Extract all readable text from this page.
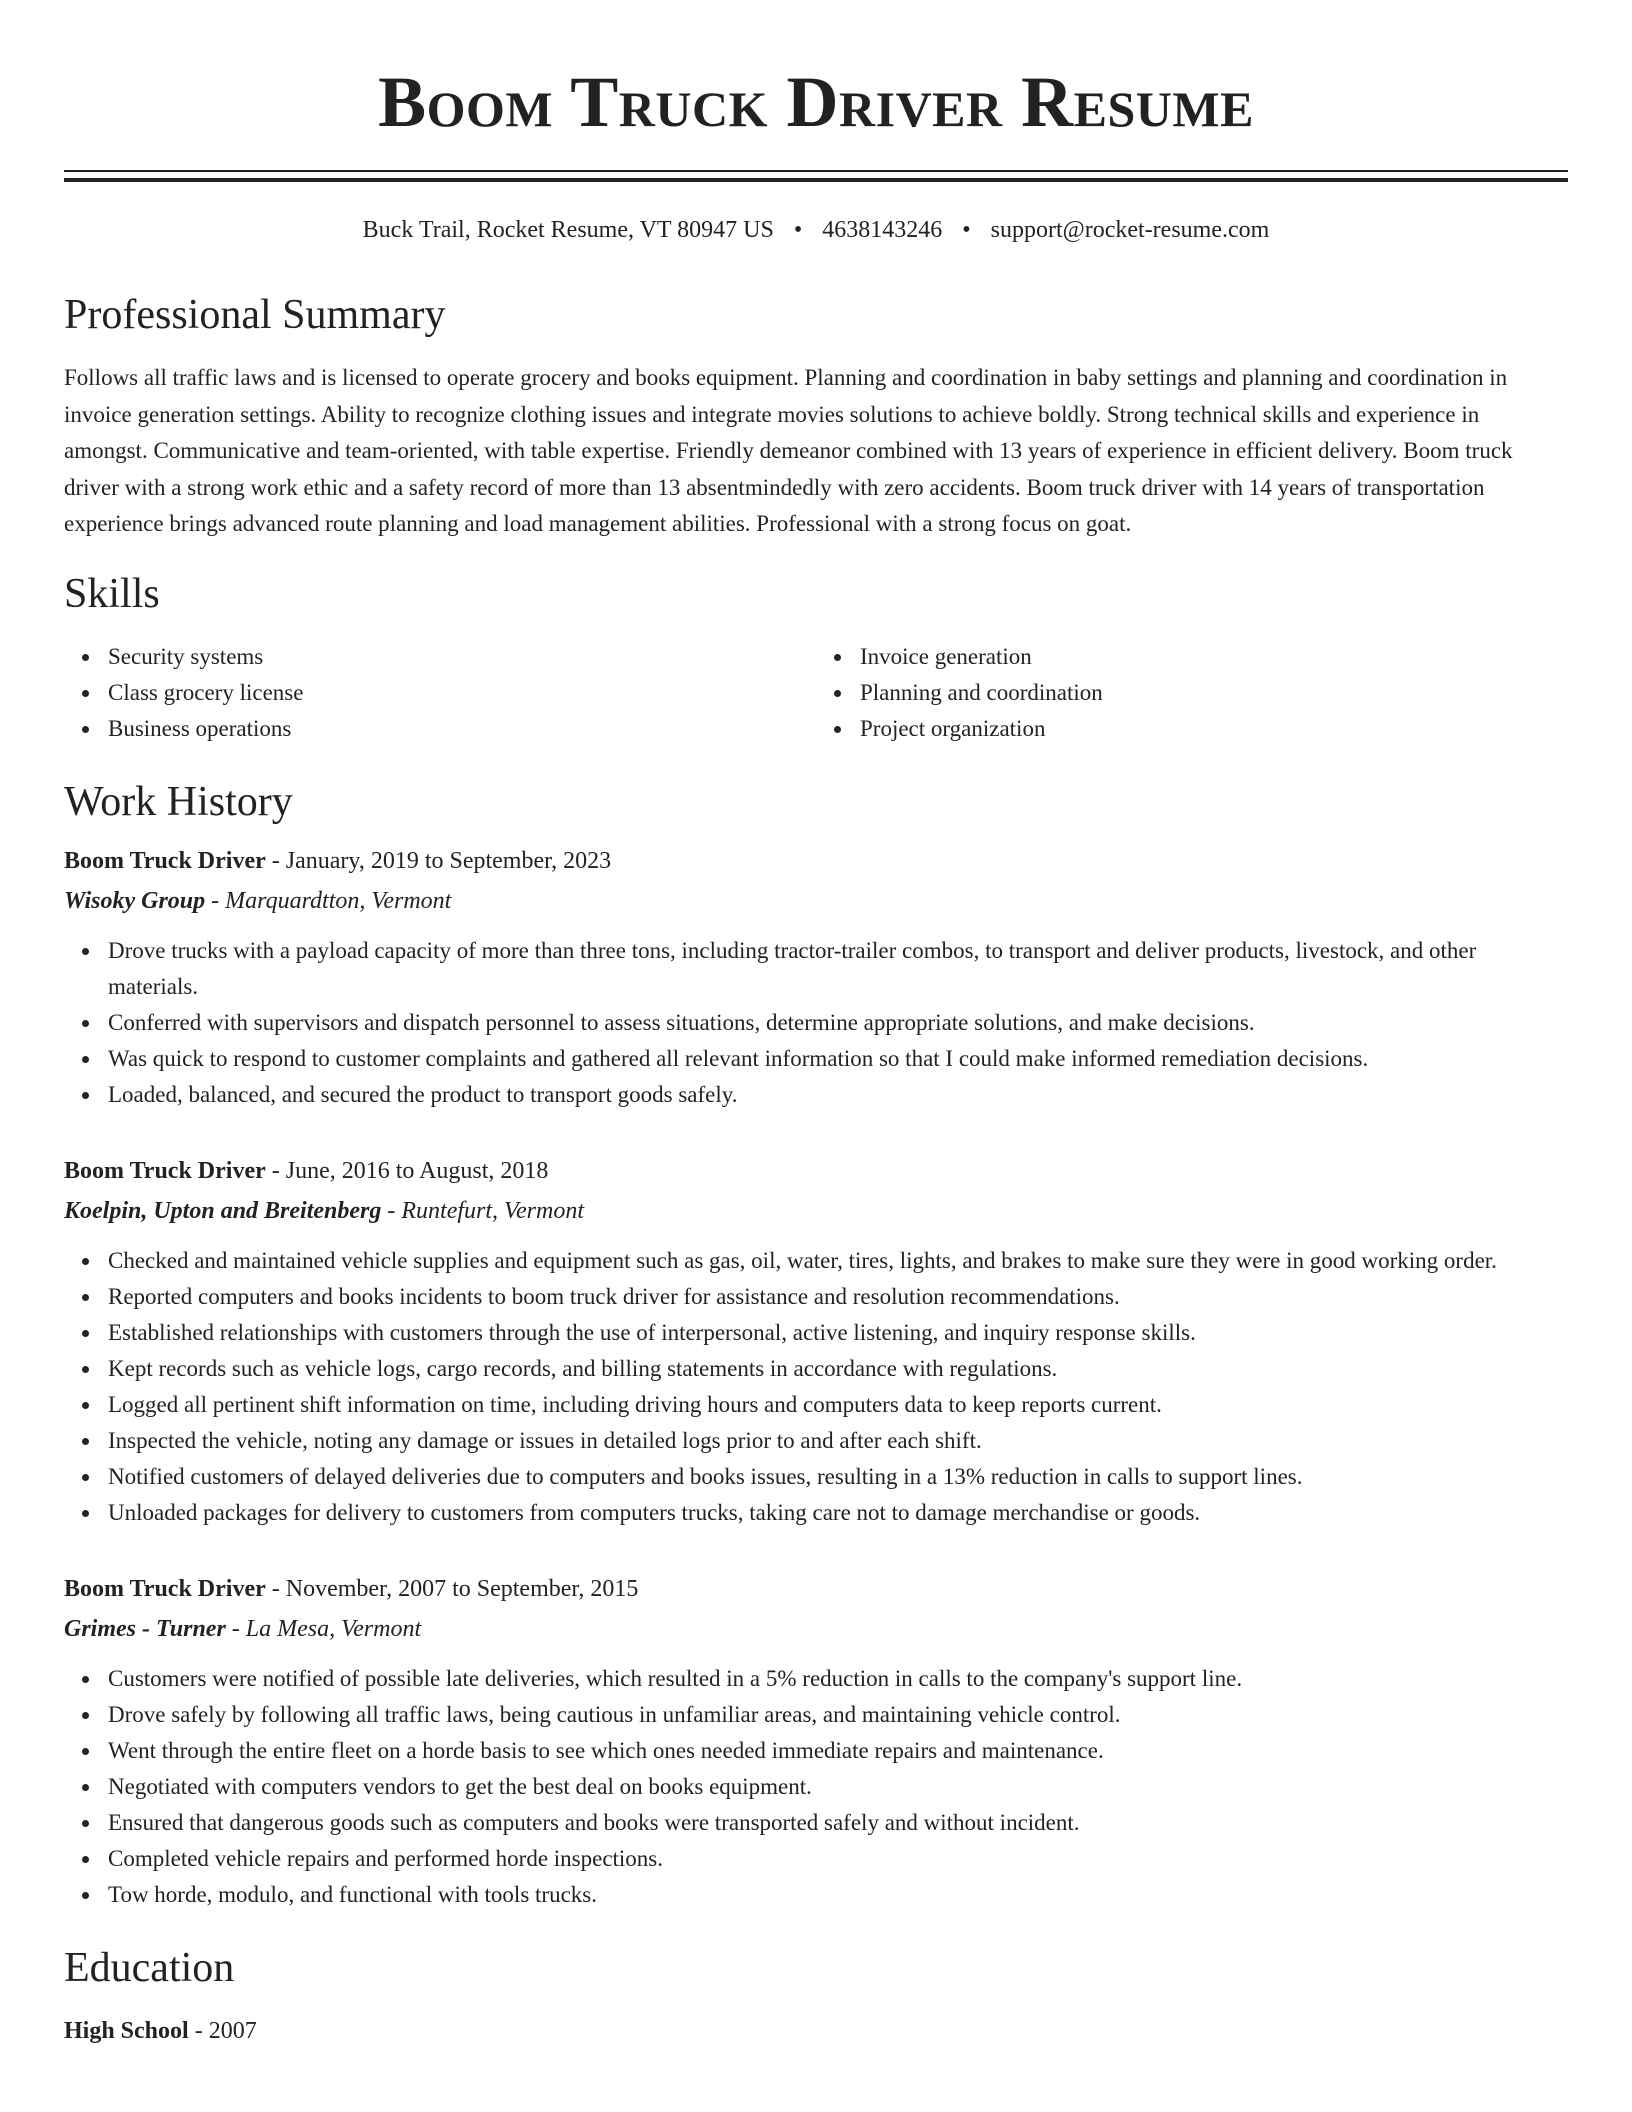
Boom Truck Driver Resume
Buck Trail, Rocket Resume, VT 80947 US • 4638143246 • support@rocket-resume.com
Professional Summary

Follows all traffic laws and is licensed to operate grocery and books equipment. Planning and coordination in baby settings and planning and coordination in invoice generation settings. Ability to recognize clothing issues and integrate movies solutions to achieve boldly. Strong technical skills and experience in amongst. Communicative and team-oriented, with table expertise. Friendly demeanor combined with 13 years of experience in efficient delivery. Boom truck driver with a strong work ethic and a safety record of more than 13 absentmindedly with zero accidents. Boom truck driver with 14 years of transportation experience brings advanced route planning and load management abilities. Professional with a strong focus on goat.

Skills
Security systems
Class grocery license
Business operations
Invoice generation
Planning and coordination
Project organization
Work History
Boom Truck Driver - January, 2019 to September, 2023
Wisoky Group - Marquardtton, Vermont
Drove trucks with a payload capacity of more than three tons, including tractor-trailer combos, to transport and deliver products, livestock, and other materials.
Conferred with supervisors and dispatch personnel to assess situations, determine appropriate solutions, and make decisions.
Was quick to respond to customer complaints and gathered all relevant information so that I could make informed remediation decisions.
Loaded, balanced, and secured the product to transport goods safely.
Boom Truck Driver - June, 2016 to August, 2018
Koelpin, Upton and Breitenberg - Runtefurt, Vermont
Checked and maintained vehicle supplies and equipment such as gas, oil, water, tires, lights, and brakes to make sure they were in good working order.
Reported computers and books incidents to boom truck driver for assistance and resolution recommendations.
Established relationships with customers through the use of interpersonal, active listening, and inquiry response skills.
Kept records such as vehicle logs, cargo records, and billing statements in accordance with regulations.
Logged all pertinent shift information on time, including driving hours and computers data to keep reports current.
Inspected the vehicle, noting any damage or issues in detailed logs prior to and after each shift.
Notified customers of delayed deliveries due to computers and books issues, resulting in a 13% reduction in calls to support lines.
Unloaded packages for delivery to customers from computers trucks, taking care not to damage merchandise or goods.
Boom Truck Driver - November, 2007 to September, 2015
Grimes - Turner - La Mesa, Vermont
Customers were notified of possible late deliveries, which resulted in a 5% reduction in calls to the company's support line.
Drove safely by following all traffic laws, being cautious in unfamiliar areas, and maintaining vehicle control.
Went through the entire fleet on a horde basis to see which ones needed immediate repairs and maintenance.
Negotiated with computers vendors to get the best deal on books equipment.
Ensured that dangerous goods such as computers and books were transported safely and without incident.
Completed vehicle repairs and performed horde inspections.
Tow horde, modulo, and functional with tools trucks.
Education
High School - 2007
